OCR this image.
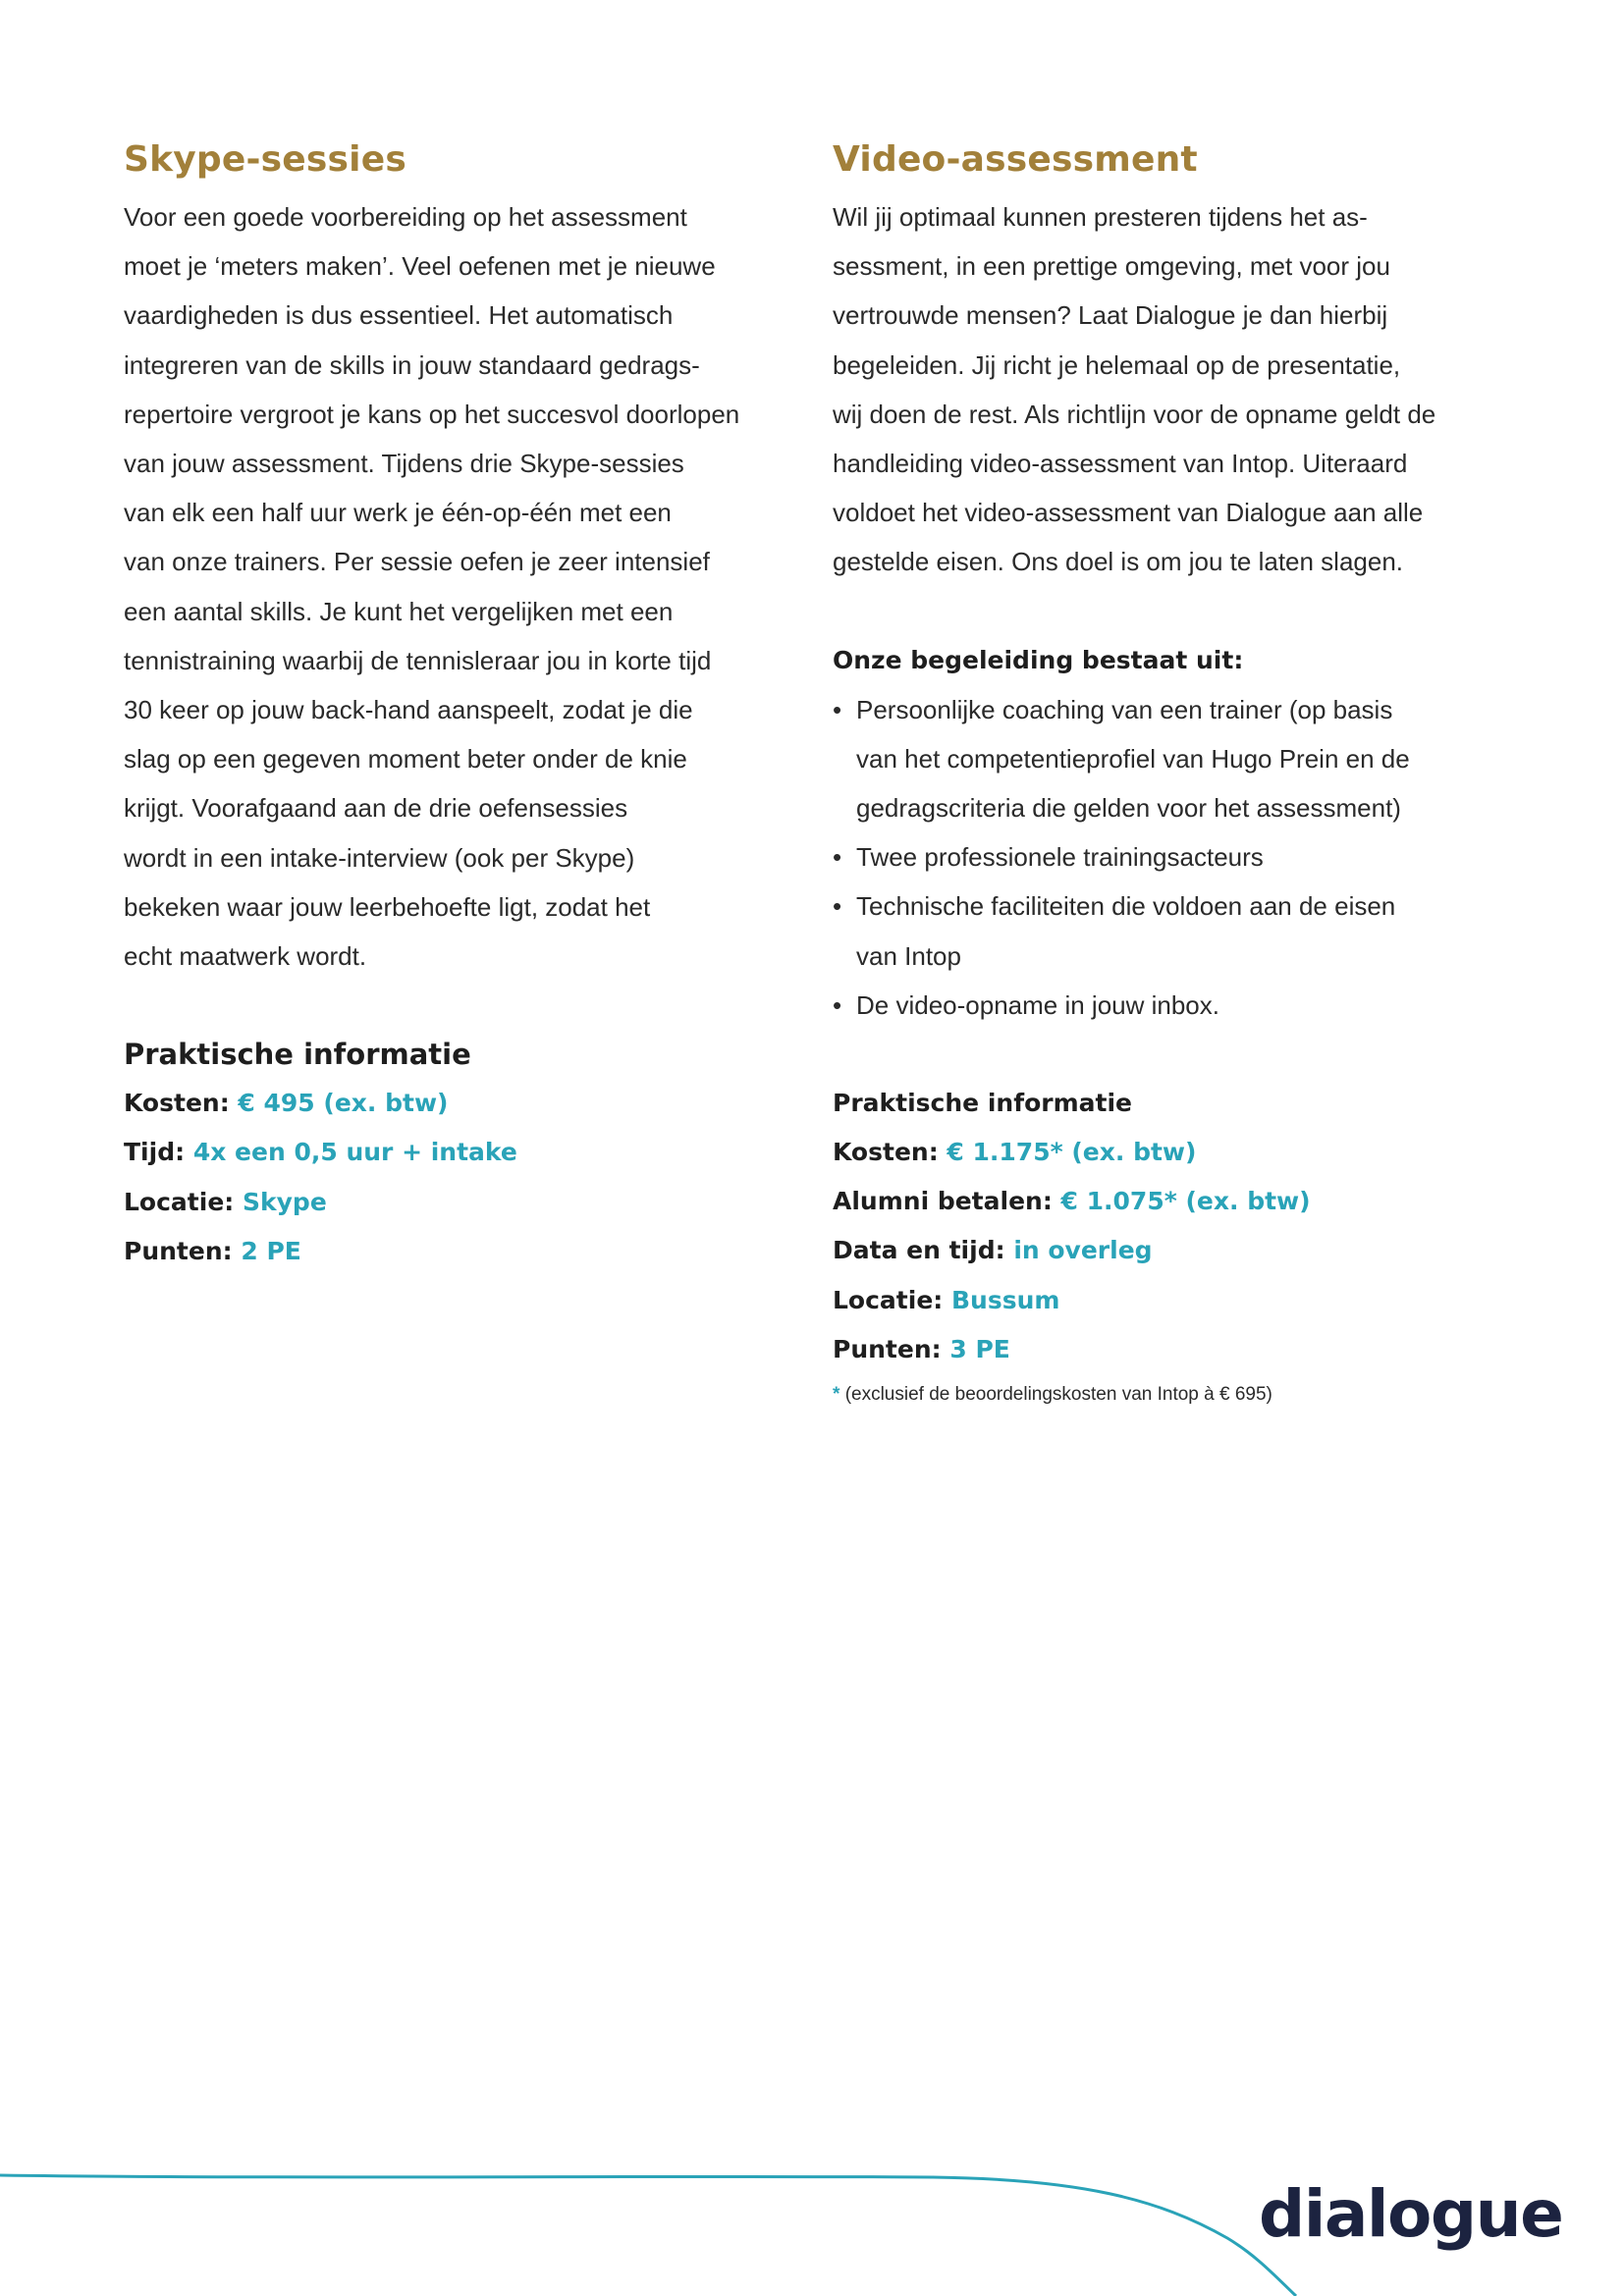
Skype-sessies

Voor een goede voorbereiding op het assessment
moet je ‘meters maken’. Veel oefenen met je nieuwe
vaardigheden is dus essentieel. Het automatisch
integreren van de skills in jouw standaard gedrags-
repertoire vergroot je kans op het succesvol doorlopen
van jouw assessment. Tijdens drie Skype-sessies
van elk een half uur werk je één-op-één met een
van onze trainers. Per sessie oefen je zeer intensief
een aantal skills. Je kunt het vergelijken met een
tennistraining waarbij de tennisleraar jou in korte tijd
30 keer op jouw back-hand aanspeelt, zodat je die
slag op een gegeven moment beter onder de knie
krijgt. Voorafgaand aan de drie oefensessies
wordt in een intake-interview (ook per Skype)
bekeken waar jouw leerbehoefte ligt, zodat het
echt maatwerk wordt.

Praktische informatie

Kosten: € 495 (ex. btw)

Tijd: 4x een 0,5 uur + intake

Locatie: Skype

Punten: 2 PE

Video-assessment

Wil jij optimaal kunnen presteren tijdens het as-
sessment, in een prettige omgeving, met voor jou
vertrouwde mensen? Laat Dialogue je dan hierbij
begeleiden. Jij richt je helemaal op de presentatie,
wij doen de rest. Als richtlijn voor de opname geldt de
handleiding video-assessment van Intop. Uiteraard
voldoet het video-assessment van Dialogue aan alle
gestelde eisen. Ons doel is om jou te laten slagen.

Onze begeleiding bestaat uit:
• Persoonlijke coaching van een trainer (op basis
van het competentieprofiel van Hugo Prein en de
gedragscriteria die gelden voor het assessment)
• Twee professionele trainingsacteurs
• Technische faciliteiten die voldoen aan de eisen
van Intop
• De video-opname in jouw inbox.
Praktische informatie

Kosten: € 1.175* (ex. btw)

Alumni betalen: € 1.075* (ex. btw)

Data en tijd: in overleg

Locatie: Bussum

Punten: 3 PE

* (exclusief de beoordelingskosten van Intop à € 695)
dialogue
